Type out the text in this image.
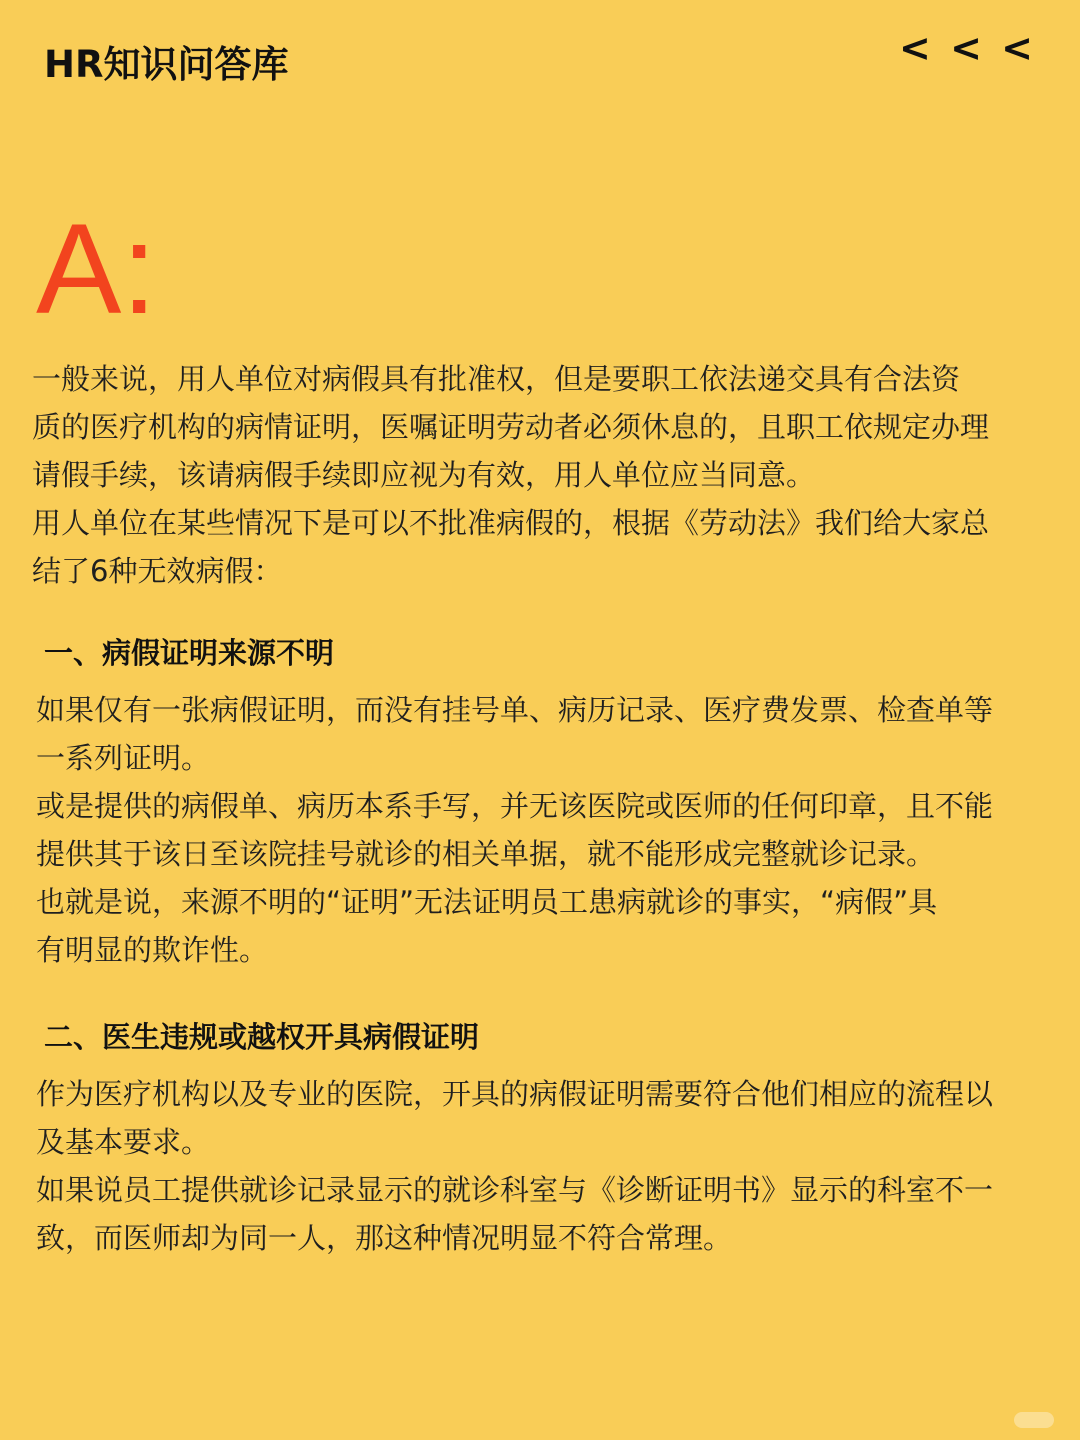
HR知识问答库	< < <
A:
一般来说，用人单位对病假具有批准权，但是要职工依法递交具有合法资
质的医疗机构的病情证明，医嘱证明劳动者必须休息的，且职工依规定办理
请假手续，该请病假手续即应视为有效，用人单位应当同意。
用人单位在某些情况下是可以不批准病假的，根据《劳动法》我们给大家总
结了6种无效病假：
一、病假证明来源不明
如果仅有一张病假证明，而没有挂号单、病历记录、医疗费发票、检查单等
一系列证明。
或是提供的病假单、病历本系手写，并无该医院或医师的任何印章，且不能
提供其于该日至该院挂号就诊的相关单据，就不能形成完整就诊记录。
也就是说，来源不明的“证明”无法证明员工患病就诊的事实，“病假”具
有明显的欺诈性。
二、医生违规或越权开具病假证明
作为医疗机构以及专业的医院，开具的病假证明需要符合他们相应的流程以
及基本要求。
如果说员工提供就诊记录显示的就诊科室与《诊断证明书》显示的科室不一
致，而医师却为同一人，那这种情况明显不符合常理。
